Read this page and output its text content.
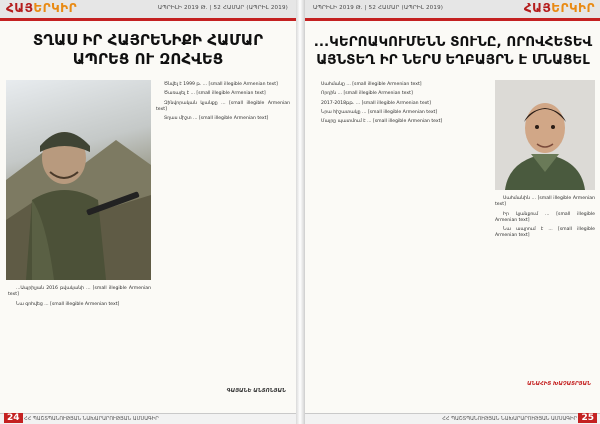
ՀԱՅԵՐԿԻՐ	ԱՊՐԻԼԻ 2019 Թ. | 52 ՀԱՄԱՐ (ԱՊՐԻԼ 2019)
ՏՂԱՍ ԻՐ ՀԱՅՐԵՆԻՔԻ ՀԱՄԱՐ ԱՊՐԵՑ ՈՒ ԶՈՀՎԵՑ

Ծնվել է 1999 թ. ... [small illegible Armenian text]

Ծառայել է ... [small illegible Armenian text]

Զինվորական կյանքը ... [small illegible Armenian text]

Տղաս միշտ ... [small illegible Armenian text]

...Ապրիլյան 2016 թվականի ... [small illegible Armenian text]

Նա զոհվեց ... [small illegible Armenian text]

ԳԱՅԱՆԵ ԱՆՏՈՆՅԱՆ
ՀՀ ՊԱՇՏՊԱՆՈՒԹՅԱՆ ՆԱԽԱՐԱՐՈՒԹՅԱՆ ԱՄՍԱԳԻՐ
24
ԱՊՐԻԼԻ 2019 Թ. | 52 ՀԱՄԱՐ (ԱՊՐԻԼ 2019)	ՀԱՅԵՐԿԻՐ
...ԿԵՐՈԱԿՈՒՄԵՆՆ ՏՈՒՆԸ, ՈՐՈՎՀԵՏԵՎ ԱՅՆՏԵՂ ԻՐ ՆԵՐՍ ԵՂԲԱՅՐՆ Է ՄՆԱՑԵԼ

Սահմանը ... [small illegible Armenian text]

Որդին ... [small illegible Armenian text]

2017-2018թթ. ... [small illegible Armenian text]

Նրա հիշատակը ... [small illegible Armenian text]

Մայրը պատմում է ... [small illegible Armenian text]

Սահմանին ... [small illegible Armenian text]

Իր կյանքում ... [small illegible Armenian text]

Նա ապրում է ... [small illegible Armenian text]

ԱՆԱՀԻՏ ԽԱՉԱՏՐՅԱՆ
ՀՀ ՊԱՇՏՊԱՆՈՒԹՅԱՆ ՆԱԽԱՐԱՐՈՒԹՅԱՆ ԱՄՍԱԳԻՐ 25
